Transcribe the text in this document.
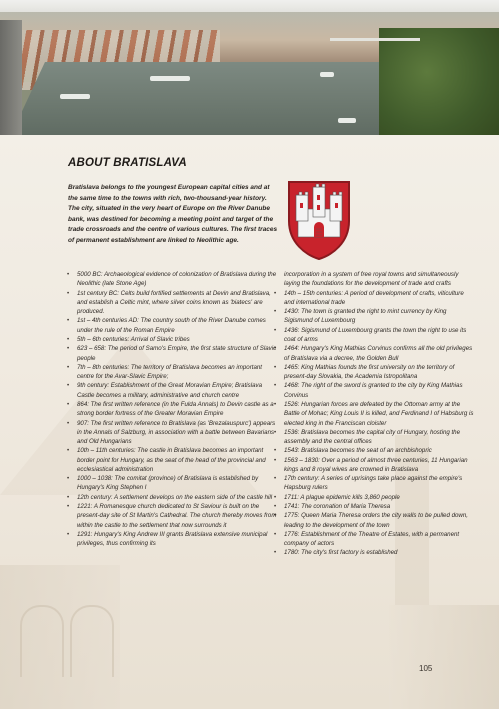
ABOUT BRATISLAVA

Bratislava belongs to the youngest European capital cities and at the same time to the towns with rich, two-thousand-year history. The city, situated in the very heart of Europe on the River Danube bank, was destined for becoming a meeting point and target of the trade crossroads and the centre of various cultures. The first traces of permanent establishment are linked to Neolithic age.

• 5000 BC: Archaeological evidence of colonization of Bratislava during the Neolithic (late Stone Age)
• 1st century BC: Celts build fortified settlements at Devin and Bratislava, and establish a Celtic mint, where silver coins known as 'biatecs' are produced.
• 1st – 4th centuries AD: The country south of the River Danube comes under the rule of the Roman Empire
• 5th – 6th centuries: Arrival of Slavic tribes
• 623 – 658: The period of Samo's Empire, the first state structure of Slavic people
• 7th – 8th centuries: The territory of Bratislava becomes an important centre for the Avar-Slavic Empire;
• 9th century: Establishment of the Great Moravian Empire; Bratislava Castle becomes a military, administrative and church centre
• 864: The first written reference (in the Fulda Annals) to Devin castle as a strong border fortress of the Greater Moravian Empire
• 907: The first written reference to Bratislava (as 'Brezalauspurc') appears in the Annals of Salzburg, in association with a battle between Bavarians and Old Hungarians
• 10th – 11th centuries: The castle in Bratislava becomes an important border point for Hungary, as the seat of the head of the provincial and ecclesiastical administration
• 1000 – 1038: The comitat (province) of Bratislava is established by Hungary's King Stephen I
• 12th century: A settlement develops on the eastern side of the castle hill
• 1221: A Romanesque church dedicated to St Saviour is built on the present-day site of St Martin's Cathedral. The church thereby moves from within the castle to the settlement that now surrounds it
• 1291: Hungary's King Andrew III grants Bratislava extensive municipal privileges, thus confirming its
incorporation in a system of free royal towns and simultaneously laying the foundations for the development of trade and crafts
• 14th – 15th centuries: A period of development of crafts, viticulture and international trade
• 1430: The town is granted the right to mint currency by King Sigismund of Luxembourg
• 1436: Sigismund of Luxembourg grants the town the right to use its coat of arms
• 1464: Hungary's King Mathias Corvinus confirms all the old privileges of Bratislava via a decree, the Golden Bull
• 1465: King Mathias founds the first university on the territory of present-day Slovakia, the Academia Istropolitana
• 1468: The right of the sword is granted to the city by King Mathias Corvinus
• 1526: Hungarian forces are defeated by the Ottoman army at the Battle of Mohac; King Louis II is killed, and Ferdinand I of Habsburg is elected king in the Franciscan cloister
• 1536: Bratislava becomes the capital city of Hungary, hosting the assembly and the central offices
• 1543: Bratislava becomes the seat of an archbishopric
• 1563 – 1830: Over a period of almost three centuries, 11 Hungarian kings and 8 royal wives are crowned in Bratislava
• 17th century: A series of uprisings take place against the empire's Hapsburg rulers
• 1711: A plague epidemic kills 3,860 people
• 1741: The coronation of Maria Theresa
• 1775: Queen Maria Theresa orders the city walls to be pulled down, leading to the development of the town
• 1776: Establishment of the Theatre of Estates, with a permanent company of actors
• 1780: The city's first factory is established
105
